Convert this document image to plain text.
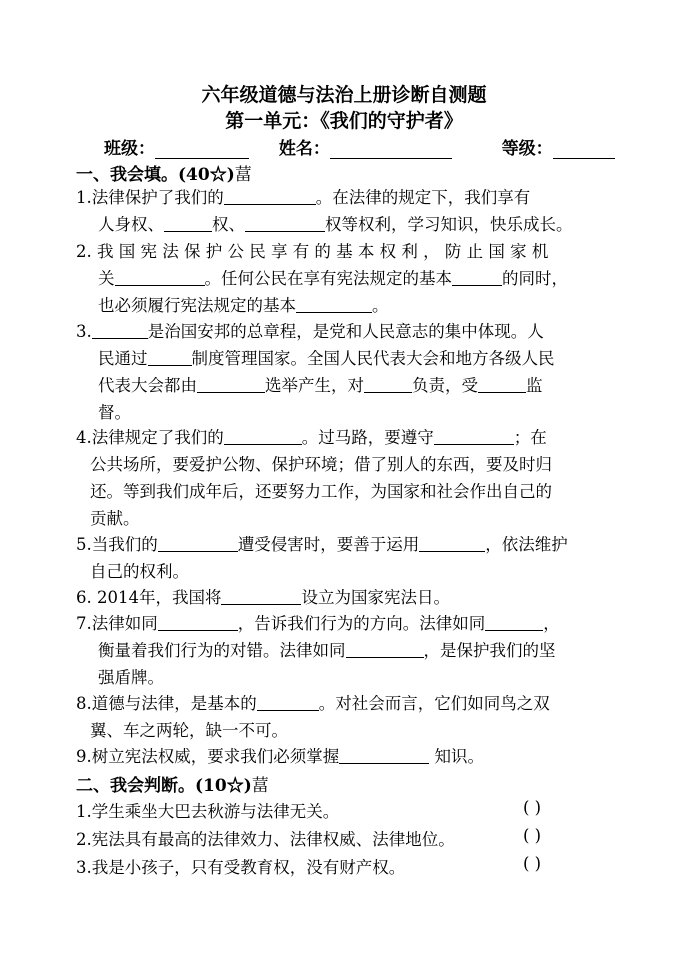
六年级道德与法治上册诊断自测题
第一单元：《我们的守护者》
班级：	姓名：	等级：
一、我会填。(40☆)葍
1.法律保护了我们的	。在法律的规定下，我们享有
人身权、	权、	权等权利，学习知识，快乐成长。
2. 我 国 宪 法 保 护 公 民 享 有 的 基 本 权 利 ， 防 止 国 家 机
关	。任何公民在享有宪法规定的基本	的同时，
也必须履行宪法规定的基本	。
3.	是治国安邦的总章程，是党和人民意志的集中体现。人
民通过	制度管理国家。全国人民代表大会和地方各级人民
代表大会都由	选举产生，对	负责，受	监
督。
4.法律规定了我们的	。过马路，要遵守	；在
公共场所，要爱护公物、保护环境；借了别人的东西，要及时归
还。等到我们成年后，还要努力工作，为国家和社会作出自己的
贡献。
5.当我们的	遭受侵害时，要善于运用	，依法维护
自己的权利。
6. 2014年，我国将	设立为国家宪法日。
7.法律如同	，告诉我们行为的方向。法律如同	，
衡量着我们行为的对错。法律如同	，是保护我们的坚
强盾牌。
8.道德与法律，是基本的	。对社会而言，它们如同鸟之双
翼、车之两轮，缺一不可。
9.树立宪法权威，要求我们必须掌握	知识。
二、我会判断。(10☆)葍
1.学生乘坐大巴去秋游与法律无关。	( )
2.宪法具有最高的法律效力、法律权威、法律地位。	( )
3.我是小孩子，只有受教育权，没有财产权。	( )
